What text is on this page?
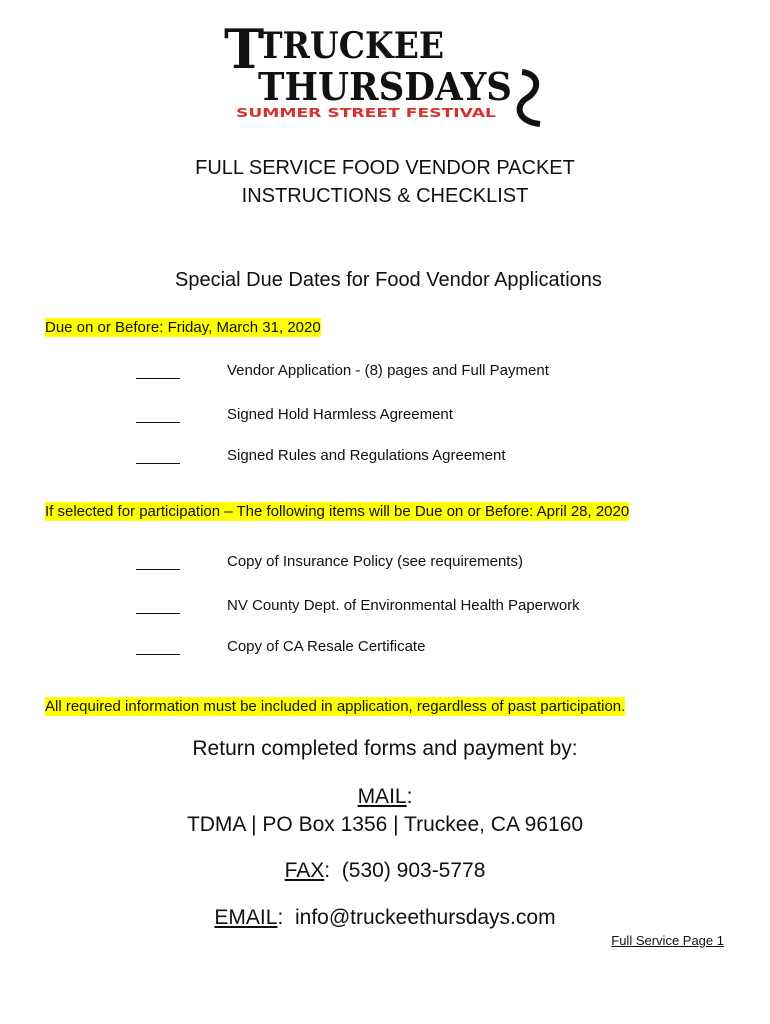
T
TRUCKEE
THURSDAYS
SUMMER STREET FESTIVAL
FULL SERVICE FOOD VENDOR PACKET
INSTRUCTIONS & CHECKLIST
Special Due Dates for Food Vendor Applications
Due on or Before: Friday, March 31, 2020
Vendor Application - (8) pages and Full Payment
Signed Hold Harmless Agreement
Signed Rules and Regulations Agreement
If selected for participation – The following items will be Due on or Before: April 28, 2020
Copy of Insurance Policy (see requirements)
NV County Dept. of Environmental Health Paperwork
Copy of CA Resale Certificate
All required information must be included in application, regardless of past participation.
Return completed forms and payment by:
MAIL:
TDMA | PO Box 1356 | Truckee, CA 96160
FAX:  (530) 903-5778
EMAIL:  info@truckeethursdays.com
Full Service Page 1
